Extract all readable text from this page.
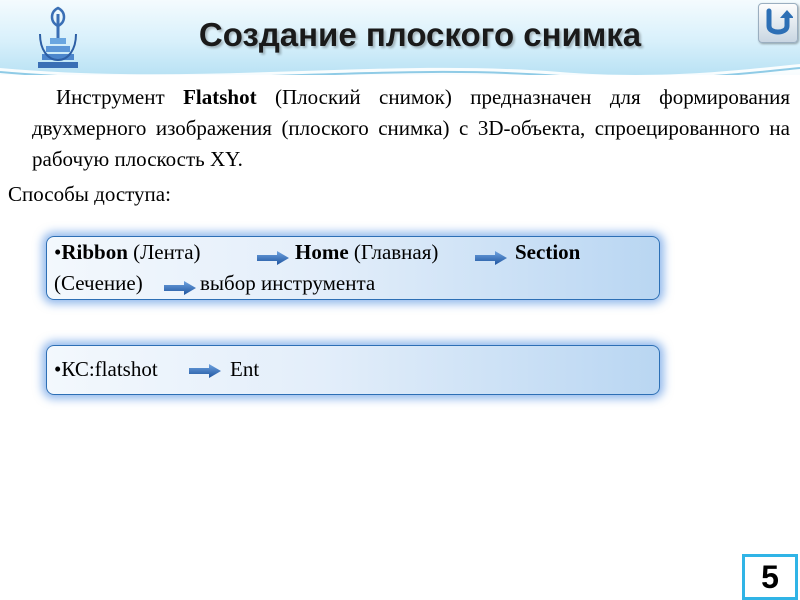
Создание плоского снимка

Инструмент Flatshot (Плоский снимок) предназначен для формирования двухмерного изображения (плоского снимка) с 3D-объекта, спроецированного на рабочую плоскость XY.

Способы доступа:

•Ribbon (Лента)	Home (Главная)	Section
(Сечение)	выбор инструмента
•КС:flatshot	Ent
5
